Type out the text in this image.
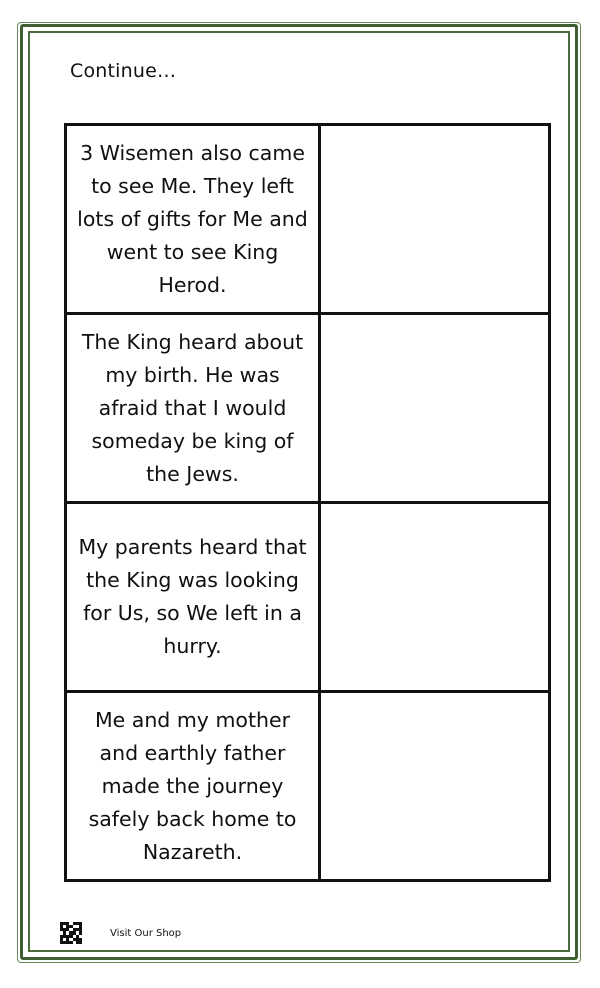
Continue…
3 Wisemen also came to see Me. They left lots of gifts for Me and went to see King Herod.	
The King heard about my birth. He was afraid that I would someday be king of the Jews.	
My parents heard that the King was looking for Us, so We left in a hurry.	
Me and my mother and earthly father made the journey safely back home to Nazareth.	
Visit Our Shop
